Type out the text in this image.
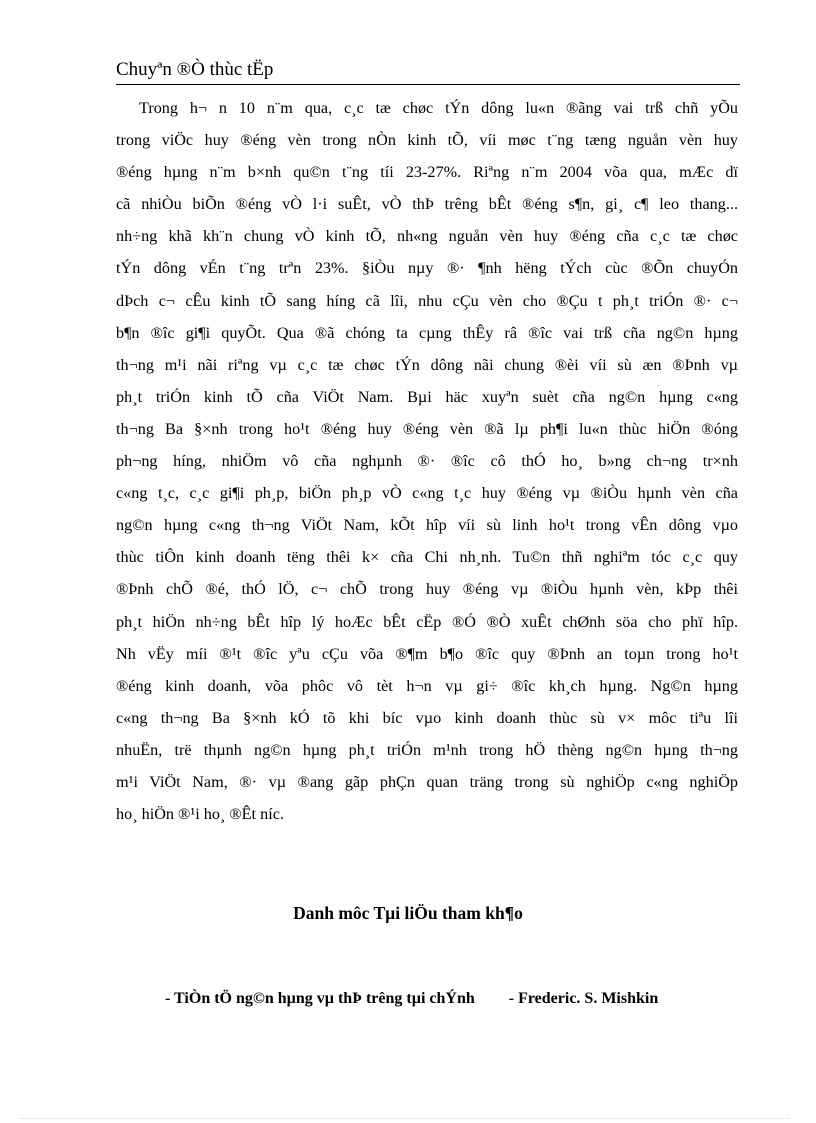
Chuyªn ®Ò thùc tËp
Trong h¬ n 10 n¨m qua, c¸c tæ chøc tÝn dông lu«n ®ãng vai trß chñ yÕu
trong viÖc huy ®éng vèn trong nÒn kinh tÕ, víi møc t¨ng tæng nguån vèn huy
®éng hµng n¨m b×nh qu©n t¨ng tíi 23-27%. Riªng n¨m 2004 võa qua, mÆc dï
cã nhiÒu biÕn ®éng vÒ l·i suÊt, vÒ thÞ trêng bÊt ®éng s¶n, gi¸ c¶ leo thang...
nh÷ng khã kh¨n chung vÒ kinh tÕ, nh«ng nguån vèn huy ®éng cña c¸c tæ chøc
tÝn dông vÉn t¨ng trªn 23%. §iÒu nµy ®· ¶nh hëng tÝch cùc ®Õn chuyÓn
dÞch c¬ cÊu kinh tÕ sang híng cã lîi, nhu cÇu vèn cho ®Çu t ph¸t triÓn ®· c¬
b¶n ®îc gi¶i quyÕt. Qua ®ã chóng ta cµng thÊy râ ®îc vai trß cña ng©n hµng
th¬ng m¹i nãi riªng vµ c¸c tæ chøc tÝn dông nãi chung ®èi víi sù æn ®Þnh vµ
ph¸t triÓn kinh tÕ cña ViÖt Nam. Bµi häc xuyªn suèt cña ng©n hµng c«ng
th¬ng Ba §×nh trong ho¹t ®éng huy ®éng vèn ®ã lµ ph¶i lu«n thùc hiÖn ®óng
ph¬ng híng, nhiÖm vô cña nghµnh ®· ®îc cô thÓ ho¸ b»ng ch¬ng tr×nh
c«ng t¸c, c¸c gi¶i ph¸p, biÖn ph¸p vÒ c«ng t¸c huy ®éng vµ ®iÒu hµnh vèn cña
ng©n hµng c«ng th¬ng ViÖt Nam, kÕt hîp víi sù linh ho¹t trong vÊn dông vµo
thùc tiÔn kinh doanh tëng thêi k× cña Chi nh¸nh. Tu©n thñ nghiªm tóc c¸c quy
®Þnh chÕ ®é, thÓ lÖ, c¬ chÕ trong huy ®éng vµ ®iÒu hµnh vèn, kÞp thêi
ph¸t hiÖn nh÷ng bÊt hîp lý hoÆc bÊt cËp ®Ó ®Ò xuÊt chØnh söa cho phï hîp.
Nh vËy míi ®¹t ®îc yªu cÇu võa ®¶m b¶o ®îc quy ®Þnh an toµn trong ho¹t
®éng kinh doanh, võa phôc vô tèt h¬n vµ gi÷ ®îc kh¸ch hµng. Ng©n hµng
c«ng th¬ng Ba §×nh kÓ tõ khi bíc vµo kinh doanh thùc sù v× môc tiªu lîi
nhuËn, trë thµnh ng©n hµng ph¸t triÓn m¹nh trong hÖ thèng ng©n hµng th¬ng
m¹i ViÖt Nam, ®· vµ ®ang gãp phÇn quan träng trong sù nghiÖp c«ng nghiÖp
ho¸ hiÖn ®¹i ho¸ ®Êt níc.
Danh môc Tµi liÖu tham kh¶o
- TiÒn tÖ ng©n hµng vµ thÞ trêng tµi chÝnh - Frederic. S. Mishkin
